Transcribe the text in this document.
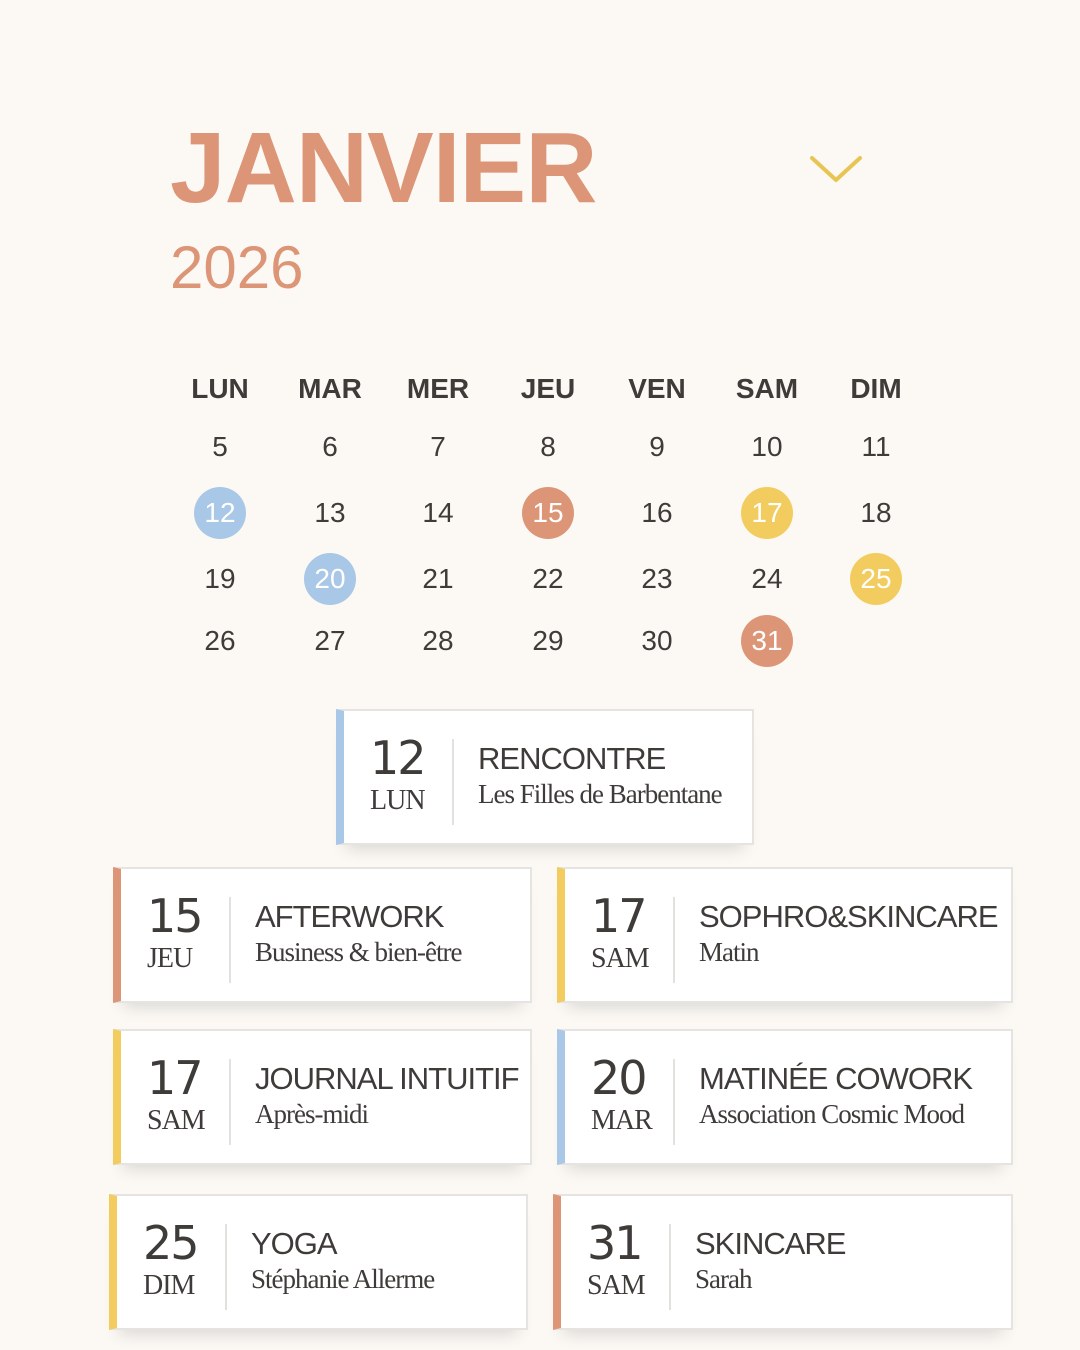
JANVIER
2026
LUN	MAR	MER	JEU	VEN	SAM	DIM
5	6	7	8	9	10	11
12	13	14	15	16	17	18
19	20	21	22	23	24	25
26	27	28	29	30	31
12
LUN
RENCONTRE
Les Filles de Barbentane
15
JEU
AFTERWORK
Business & bien-être
17
SAM
SOPHRO&SKINCARE
Matin
17
SAM
JOURNAL INTUITIF
Après-midi
20
MAR
MATINÉE COWORK
Association Cosmic Mood
25
DIM
YOGA
Stéphanie Allerme
31
SAM
SKINCARE
Sarah
